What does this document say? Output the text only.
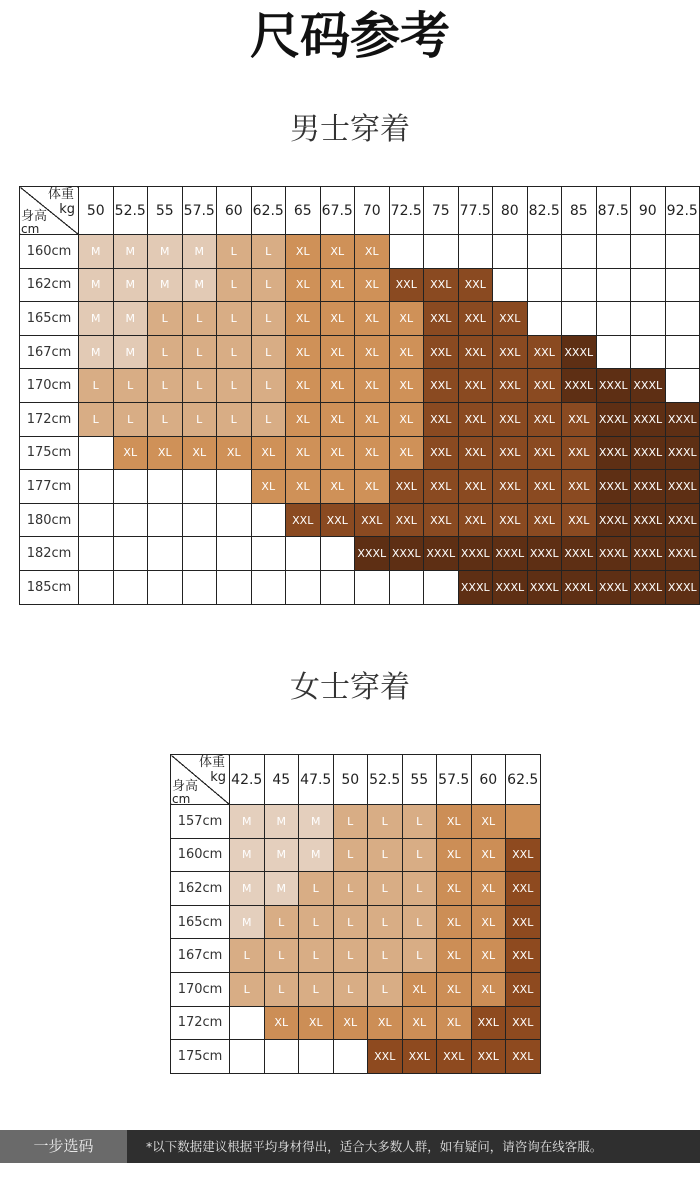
尺码参考
男士穿着
体重
kg
身高
cm	50	52.5	55	57.5	60	62.5	65	67.5	70	72.5	75	77.5	80	82.5	85	87.5	90	92.5
160cm	M	M	M	M	L	L	XL	XL	XL									
162cm	M	M	M	M	L	L	XL	XL	XL	XXL	XXL	XXL						
165cm	M	M	L	L	L	L	XL	XL	XL	XL	XXL	XXL	XXL					
167cm	M	M	L	L	L	L	XL	XL	XL	XL	XXL	XXL	XXL	XXL	XXXL			
170cm	L	L	L	L	L	L	XL	XL	XL	XL	XXL	XXL	XXL	XXL	XXXL	XXXL	XXXL	
172cm	L	L	L	L	L	L	XL	XL	XL	XL	XXL	XXL	XXL	XXL	XXL	XXXL	XXXL	XXXL
175cm		XL	XL	XL	XL	XL	XL	XL	XL	XL	XXL	XXL	XXL	XXL	XXL	XXXL	XXXL	XXXL
177cm						XL	XL	XL	XL	XXL	XXL	XXL	XXL	XXL	XXL	XXXL	XXXL	XXXL
180cm							XXL	XXL	XXL	XXL	XXL	XXL	XXL	XXL	XXL	XXXL	XXXL	XXXL
182cm									XXXL	XXXL	XXXL	XXXL	XXXL	XXXL	XXXL	XXXL	XXXL	XXXL
185cm												XXXL	XXXL	XXXL	XXXL	XXXL	XXXL	XXXL
女士穿着
体重
kg
身高
cm	42.5	45	47.5	50	52.5	55	57.5	60	62.5
157cm	M	M	M	L	L	L	XL	XL	
160cm	M	M	M	L	L	L	XL	XL	XXL
162cm	M	M	L	L	L	L	XL	XL	XXL
165cm	M	L	L	L	L	L	XL	XL	XXL
167cm	L	L	L	L	L	L	XL	XL	XXL
170cm	L	L	L	L	L	XL	XL	XL	XXL
172cm		XL	XL	XL	XL	XL	XL	XXL	XXL
175cm					XXL	XXL	XXL	XXL	XXL
一步选码	*以下数据建议根据平均身材得出，适合大多数人群，如有疑问，请咨询在线客服。
